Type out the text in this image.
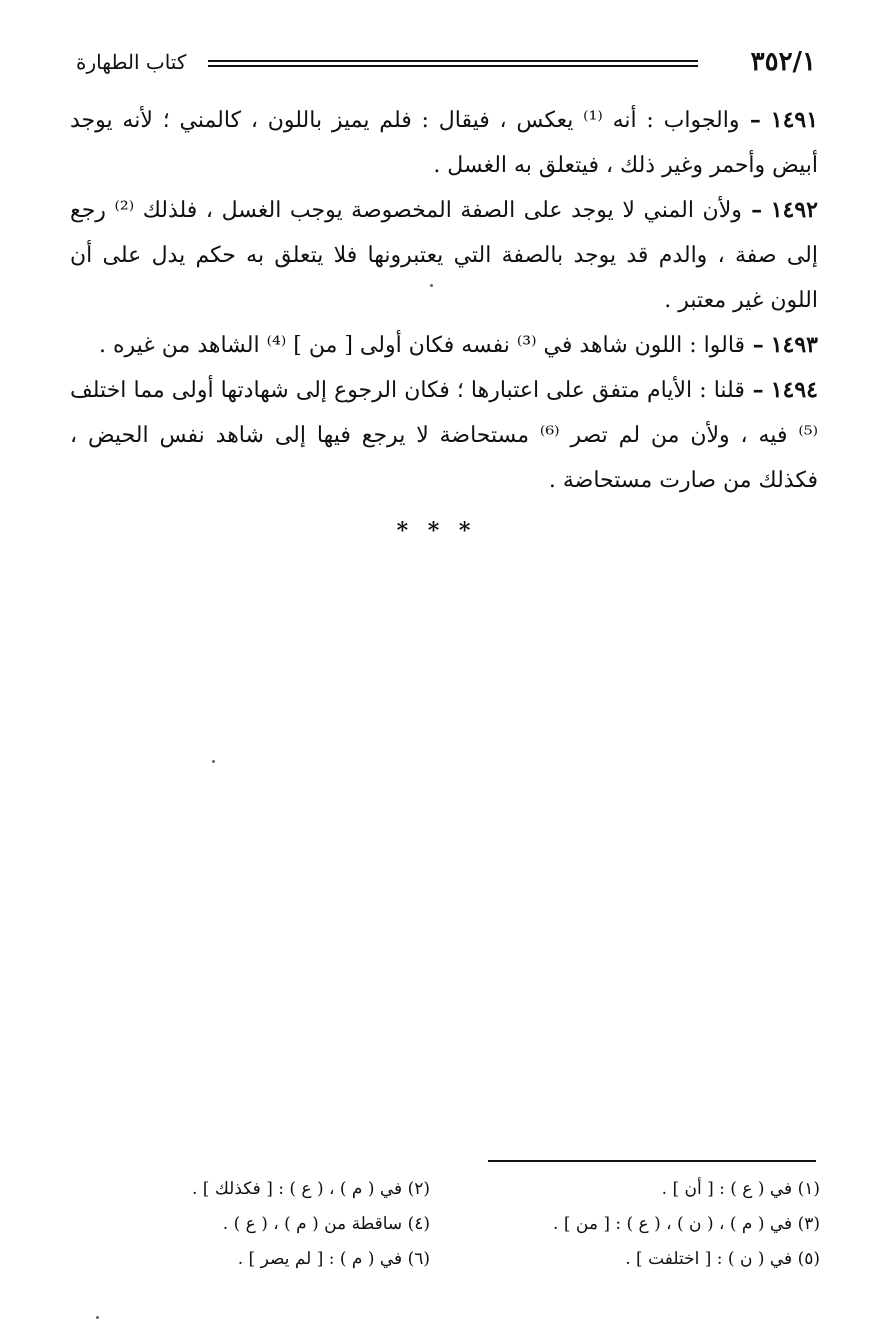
٣٥٢/١
كتاب الطهارة

١٤٩١ – والجواب : أنه ⁽¹⁾ يعكس ، فيقال : فلم يميز باللون ، كالمني ؛ لأنه يوجد أبيض وأحمر وغير ذلك ، فيتعلق به الغسل .

١٤٩٢ – ولأن المني لا يوجد على الصفة المخصوصة يوجب الغسل ، فلذلك ⁽²⁾ رجع إلى صفة ، والدم قد يوجد بالصفة التي يعتبرونها فلا يتعلق به حكم يدل على أن اللون غير معتبر .

١٤٩٣ – قالوا : اللون شاهد في ⁽³⁾ نفسه فكان أولى [ من ] ⁽⁴⁾ الشاهد من غيره .

١٤٩٤ – قلنا : الأيام متفق على اعتبارها ؛ فكان الرجوع إلى شهادتها أولى مما اختلف ⁽⁵⁾ فيه ، ولأن من لم تصر ⁽⁶⁾ مستحاضة لا يرجع فيها إلى شاهد نفس الحيض ، فكذلك من صارت مستحاضة .

* * *
(١) في ( ع ) : [ أن ] .
(٣) في ( م ) ، ( ن ) ، ( ع ) : [ من ] .
(٥) في ( ن ) : [ اختلفت ] .
(٢) في ( م ) ، ( ع ) : [ فكذلك ] .
(٤) ساقطة من ( م ) ، ( ع ) .
(٦) في ( م ) : [ لم يصر ] .
